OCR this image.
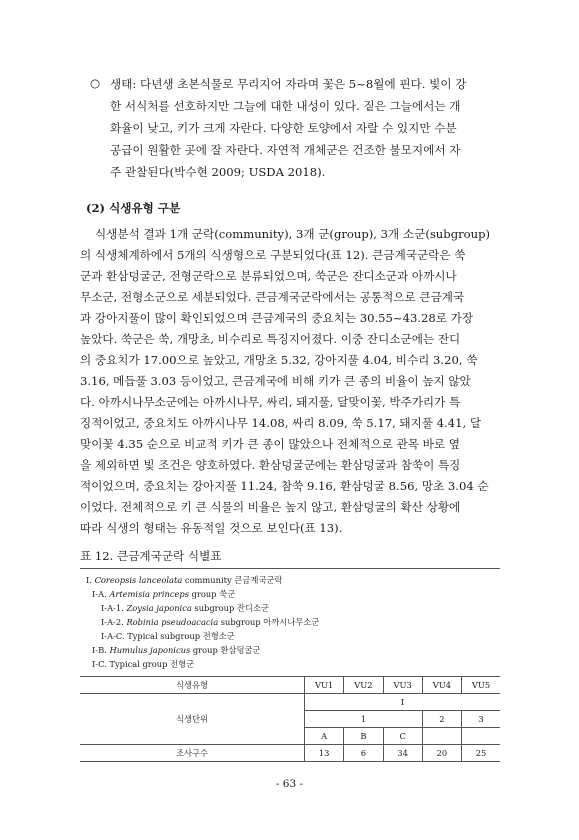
○ 생태: 다년생 초본식물로 무리지어 자라며 꽃은 5~8월에 핀다. 빛이 강
한 서식처를 선호하지만 그늘에 대한 내성이 있다. 짙은 그늘에서는 개
화율이 낮고, 키가 크게 자란다. 다양한 토양에서 자랄 수 있지만 수분
공급이 원활한 곳에 잘 자란다. 자연적 개체군은 건조한 불모지에서 자
주 관찰된다(박수현 2009; USDA 2018).
(2) 식생유형 구분
식생분석 결과 1개 군락(community), 3개 군(group), 3개 소군(subgroup)
의 식생체계하에서 5개의 식생형으로 구분되었다(표 12). 큰금계국군락은 쑥
군과 환삼덩굴군, 전형군락으로 분류되었으며, 쑥군은 잔디소군과 아까시나
무소군, 전형소군으로 세분되었다. 큰금계국군락에서는 공통적으로 큰금계국
과 강아지풀이 많이 확인되었으며 큰금계국의 중요치는 30.55~43.28로 가장
높았다. 쑥군은 쑥, 개망초, 비수리로 특징지어졌다. 이중 잔디소군에는 잔디
의 중요치가 17.00으로 높았고, 개망초 5.32, 강아지풀 4.04, 비수리 3.20, 쑥
3.16, 메듭풀 3.03 등이었고, 큰금계국에 비해 키가 큰 종의 비율이 높지 않았
다. 아까시나무소군에는 아까시나무, 싸리, 돼지풀, 달맞이꽃, 박주가리가 특
징적이었고, 중요치도 아까시나무 14.08, 싸리 8.09, 쑥 5.17, 돼지풀 4.41, 달
맞이꽃 4.35 순으로 비교적 키가 큰 종이 많았으나 전체적으로 관목 바로 옆
을 제외하면 빛 조건은 양호하였다. 환삼덩굴군에는 환삼덩굴과 참쑥이 특징
적이었으며, 중요치는 강아지풀 11.24, 참쑥 9.16, 환삼덩굴 8.56, 망초 3.04 순
이었다. 전체적으로 키 큰 식물의 비율은 높지 않고, 환삼덩굴의 확산 상황에
따라 식생의 형태는 유동적일 것으로 보인다(표 13).
표 12. 큰금계국군락 식별표
Ⅰ. Coreopsis lanceolata community 큰금계국군락
Ⅰ-A. Artemisia princeps group 쑥군
Ⅰ-A-1. Zoysia japonica subgroup 잔디소군
Ⅰ-A-2. Robinia pseudoacacia subgroup 아까시나무소군
Ⅰ-A-C. Typical subgroup 전형소군
Ⅰ-B. Humulus japonicus group 환삼덩굴군
Ⅰ-C. Typical group 전형군
식생유형	VU1	VU2	VU3	VU4	VU5
식생단위	Ⅰ				
	1			2	3
	A	B	C		
조사구수	13	6	34	20	25
- 63 -
